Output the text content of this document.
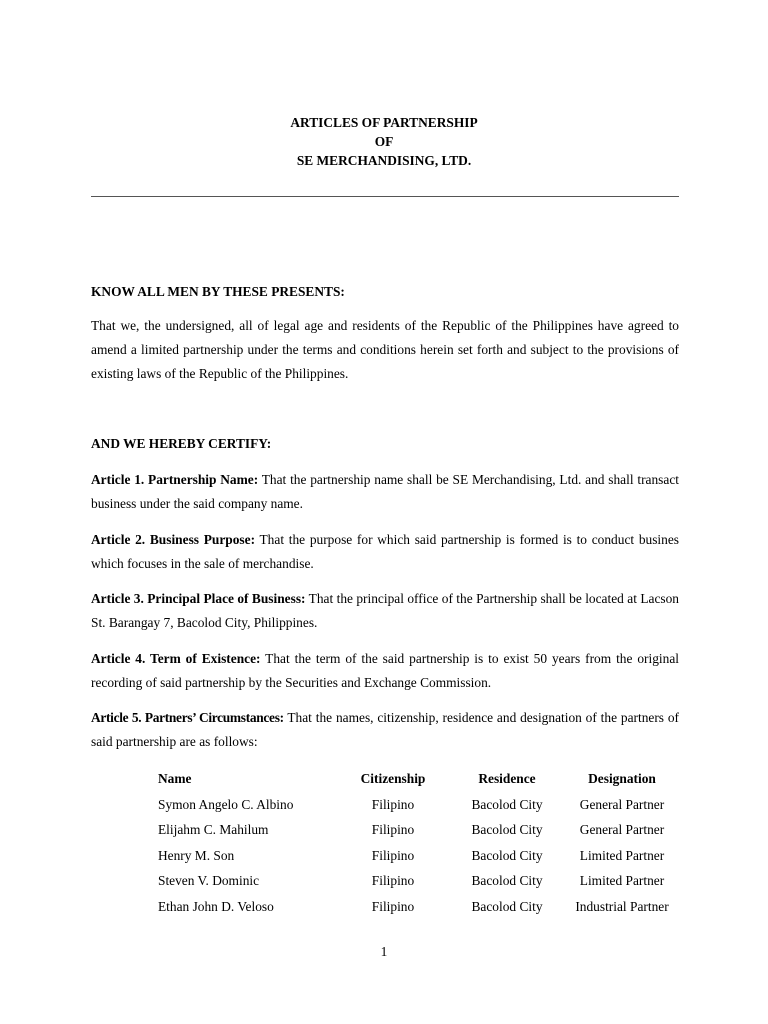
ARTICLES OF PARTNERSHIP
OF
SE MERCHANDISING, LTD.
KNOW ALL MEN BY THESE PRESENTS:
That we, the undersigned, all of legal age and residents of the Republic of the Philippines have agreed to amend a limited partnership under the terms and conditions herein set forth and subject to the provisions of existing laws of the Republic of the Philippines.
AND WE HEREBY CERTIFY:
Article 1. Partnership Name: That the partnership name shall be SE Merchandising, Ltd. and shall transact business under the said company name.
Article 2. Business Purpose: That the purpose for which said partnership is formed is to conduct busines which focuses in the sale of merchandise.
Article 3. Principal Place of Business: That the principal office of the Partnership shall be located at Lacson St. Barangay 7, Bacolod City, Philippines.
Article 4. Term of Existence: That the term of the said partnership is to exist 50 years from the original recording of said partnership by the Securities and Exchange Commission.
Article 5. Partners’ Circumstances: That the names, citizenship, residence and designation of the partners of said partnership are as follows:
Name	Citizenship	Residence	Designation
Symon Angelo C. Albino	Filipino	Bacolod City	General Partner
Elijahm C. Mahilum	Filipino	Bacolod City	General Partner
Henry M. Son	Filipino	Bacolod City	Limited Partner
Steven V. Dominic	Filipino	Bacolod City	Limited Partner
Ethan John D. Veloso	Filipino	Bacolod City	Industrial Partner
1
